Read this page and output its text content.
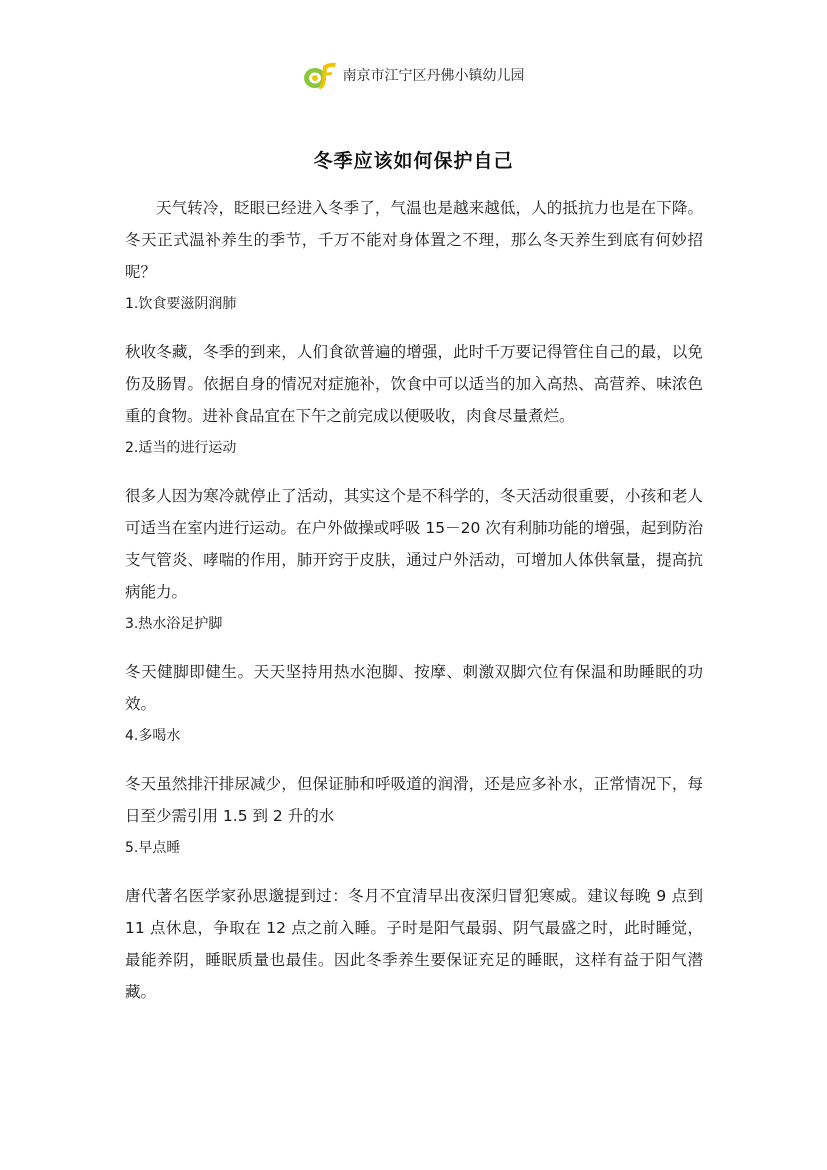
南京市江宁区丹佛小镇幼儿园
冬季应该如何保护自己

天气转冷，眨眼已经进入冬季了，气温也是越来越低，人的抵抗力也是在下降。冬天正式温补养生的季节，千万不能对身体置之不理，那么冬天养生到底有何妙招呢？

1.饮食要滋阴润肺

秋收冬藏，冬季的到来，人们食欲普遍的增强，此时千万要记得管住自己的最，以免伤及肠胃。依据自身的情况对症施补，饮食中可以适当的加入高热、高营养、味浓色重的食物。进补食品宜在下午之前完成以便吸收，肉食尽量煮烂。

2.适当的进行运动

很多人因为寒冷就停止了活动，其实这个是不科学的，冬天活动很重要，小孩和老人可适当在室内进行运动。在户外做操或呼吸 15－20 次有利肺功能的增强，起到防治支气管炎、哮喘的作用，肺开窍于皮肤，通过户外活动，可增加人体供氧量，提高抗病能力。

3.热水浴足护脚

冬天健脚即健生。天天坚持用热水泡脚、按摩、刺激双脚穴位有保温和助睡眠的功效。

4.多喝水

冬天虽然排汗排尿减少，但保证肺和呼吸道的润滑，还是应多补水，正常情况下，每日至少需引用 1.5 到 2 升的水

5.早点睡

唐代著名医学家孙思邈提到过：冬月不宜清早出夜深归冒犯寒威。建议每晚 9 点到 11 点休息，争取在 12 点之前入睡。子时是阳气最弱、阴气最盛之时，此时睡觉，最能养阴，睡眠质量也最佳。因此冬季养生要保证充足的睡眠，这样有益于阳气潜藏。
